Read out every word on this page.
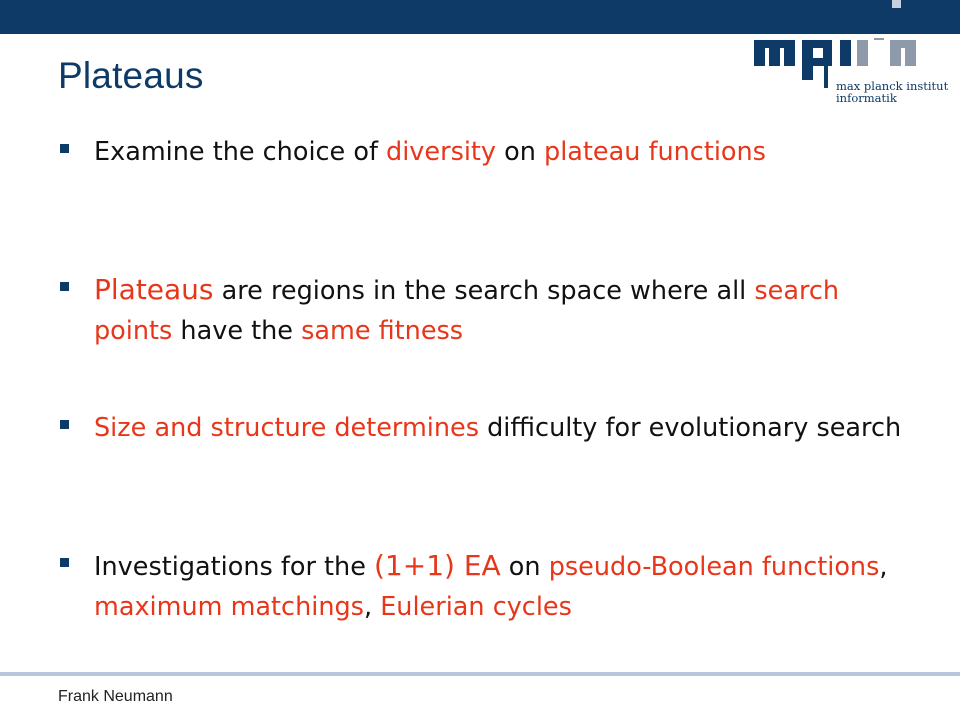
max planck institut
informatik
Plateaus
Examine the choice of diversity on plateau functions
Plateaus are regions in the search space where all search points have the same fitness
Size and structure determines difficulty for evolutionary search
Investigations for the (1+1) EA on pseudo-Boolean functions, maximum matchings, Eulerian cycles
Frank Neumann
